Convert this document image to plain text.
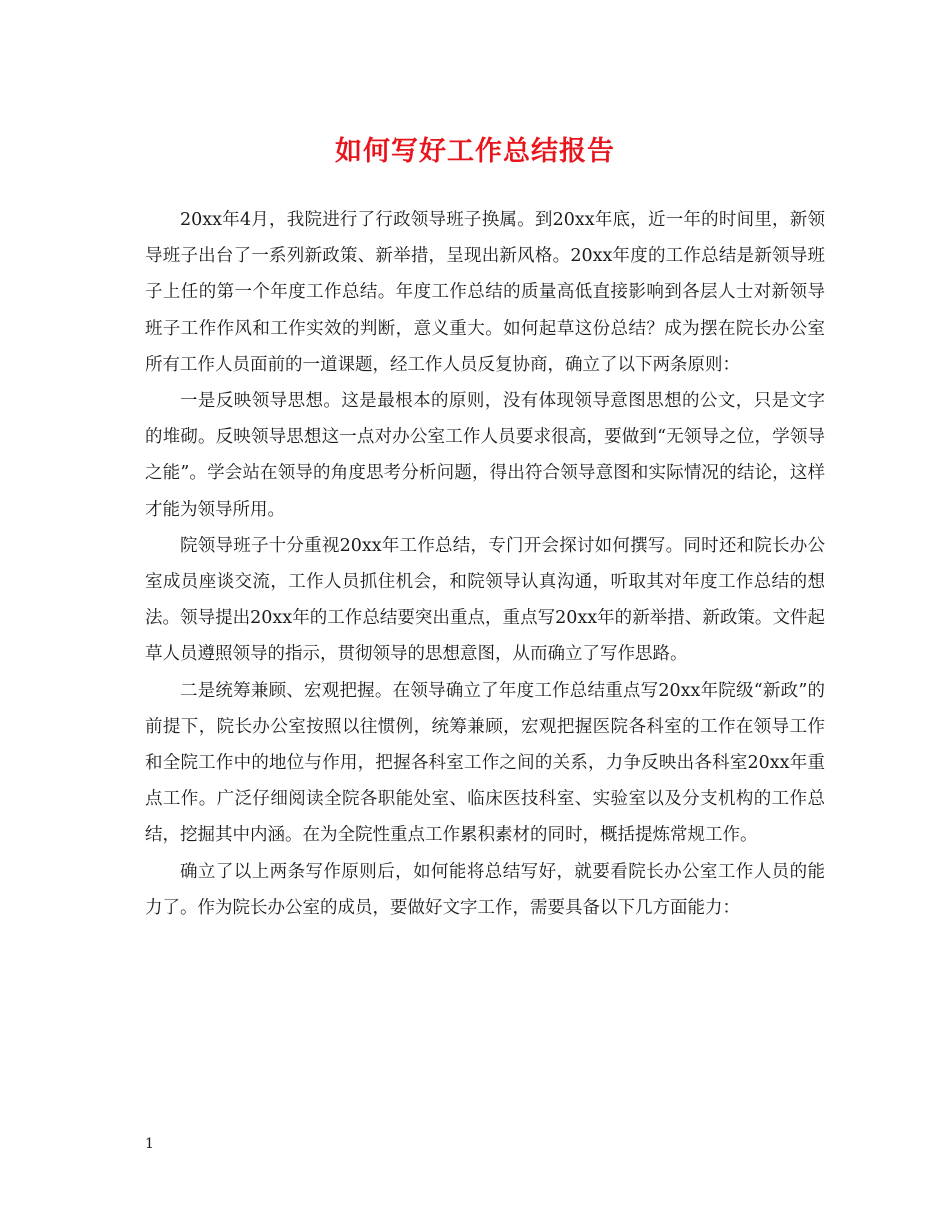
如何写好工作总结报告

20xx年4月，我院进行了行政领导班子换属。到20xx年底，近一年的时间里，新领导班子出台了一系列新政策、新举措，呈现出新风格。20xx年度的工作总结是新领导班子上任的第一个年度工作总结。年度工作总结的质量高低直接影响到各层人士对新领导班子工作作风和工作实效的判断，意义重大。如何起草这份总结？成为摆在院长办公室所有工作人员面前的一道课题，经工作人员反复协商，确立了以下两条原则：

一是反映领导思想。这是最根本的原则，没有体现领导意图思想的公文，只是文字的堆砌。反映领导思想这一点对办公室工作人员要求很高，要做到“无领导之位，学领导之能”。学会站在领导的角度思考分析问题，得出符合领导意图和实际情况的结论，这样才能为领导所用。

院领导班子十分重视20xx年工作总结，专门开会探讨如何撰写。同时还和院长办公室成员座谈交流，工作人员抓住机会，和院领导认真沟通，听取其对年度工作总结的想法。领导提出20xx年的工作总结要突出重点，重点写20xx年的新举措、新政策。文件起草人员遵照领导的指示，贯彻领导的思想意图，从而确立了写作思路。

二是统筹兼顾、宏观把握。在领导确立了年度工作总结重点写20xx年院级“新政”的前提下，院长办公室按照以往惯例，统筹兼顾，宏观把握医院各科室的工作在领导工作和全院工作中的地位与作用，把握各科室工作之间的关系，力争反映出各科室20xx年重点工作。广泛仔细阅读全院各职能处室、临床医技科室、实验室以及分支机构的工作总结，挖掘其中内涵。在为全院性重点工作累积素材的同时，概括提炼常规工作。

确立了以上两条写作原则后，如何能将总结写好，就要看院长办公室工作人员的能力了。作为院长办公室的成员，要做好文字工作，需要具备以下几方面能力：

1
